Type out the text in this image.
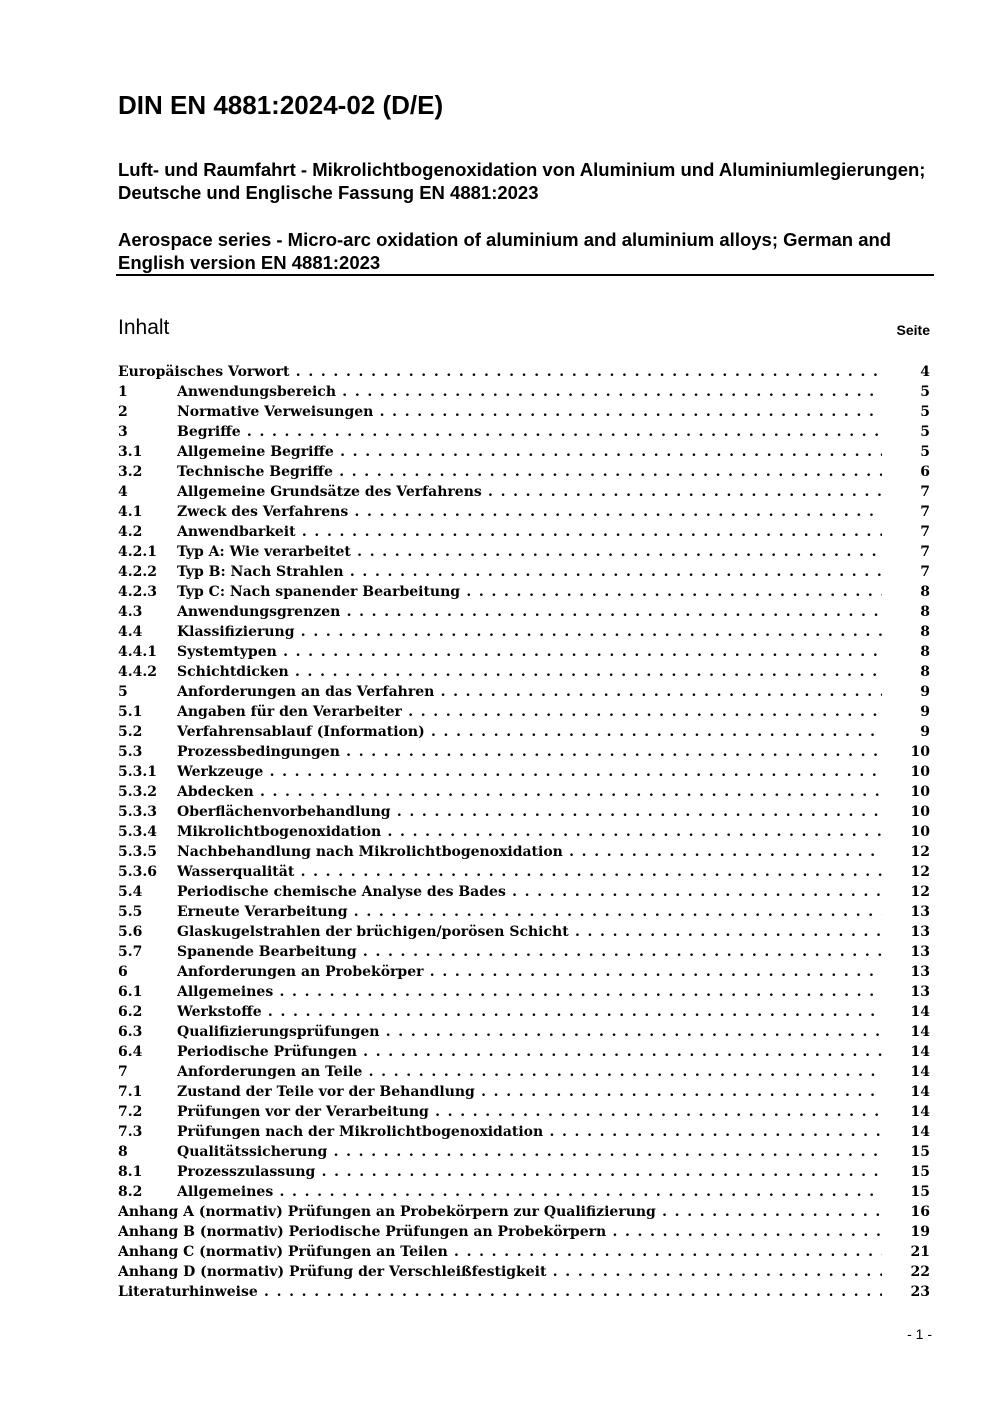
DIN EN 4881:2024-02 (D/E)

Luft- und Raumfahrt - Mikrolichtbogenoxidation von Aluminium und Aluminiumlegierungen; Deutsche und Englische Fassung EN 4881:2023

Aerospace series - Micro-arc oxidation of aluminium and aluminium alloys; German and English version EN 4881:2023

Inhalt	Seite
Europäisches Vorwort . . .	4
1	Anwendungsbereich . . .	5
2	Normative Verweisungen . . .	5
3	Begriffe . . .	5
3.1 Allgemeine Begriffe . . .	5
3.2 Technische Begriffe . . .	6
4	Allgemeine Grundsätze des Verfahrens . . .	7
4.1 Zweck des Verfahrens . . .	7
4.2 Anwendbarkeit . . .	7
4.2.1 Typ A: Wie verarbeitet . . .	7
4.2.2 Typ B: Nach Strahlen . . .	7
4.2.3 Typ C: Nach spanender Bearbeitung . . .	8
4.3 Anwendungsgrenzen . . .	8
4.4 Klassifizierung . . .	8
4.4.1 Systemtypen . . .	8
4.4.2 Schichtdicken . . .	8
5	Anforderungen an das Verfahren . . .	9
5.1 Angaben für den Verarbeiter . . .	9
5.2 Verfahrensablauf (Information) . . .	9
5.3 Prozessbedingungen . . .	10
5.3.1 Werkzeuge . . .	10
5.3.2 Abdecken . . .	10
5.3.3 Oberflächenvorbehandlung . . .	10
5.3.4 Mikrolichtbogenoxidation . . .	10
5.3.5 Nachbehandlung nach Mikrolichtbogenoxidation . . .	12
5.3.6 Wasserqualität . . .	12
5.4 Periodische chemische Analyse des Bades . . .	12
5.5 Erneute Verarbeitung . . .	13
5.6 Glaskugelstrahlen der brüchigen/porösen Schicht . . .	13
5.7 Spanende Bearbeitung . . .	13
6	Anforderungen an Probekörper . . .	13
6.1 Allgemeines . . .	13
6.2 Werkstoffe . . .	14
6.3 Qualifizierungsprüfungen . . .	14
6.4 Periodische Prüfungen . . .	14
7	Anforderungen an Teile . . .	14
7.1 Zustand der Teile vor der Behandlung . . .	14
7.2 Prüfungen vor der Verarbeitung . . .	14
7.3 Prüfungen nach der Mikrolichtbogenoxidation . . .	14
8	Qualitätssicherung . . .	15
8.1 Prozesszulassung . . .	15
8.2 Allgemeines . . .	15
Anhang A (normativ) Prüfungen an Probekörpern zur Qualifizierung . . .	16
Anhang B (normativ) Periodische Prüfungen an Probekörpern . . .	19
Anhang C (normativ) Prüfungen an Teilen . . .	21
Anhang D (normativ) Prüfung der Verschleißfestigkeit . . .	22
Literaturhinweise . . .	23
- 1 -
